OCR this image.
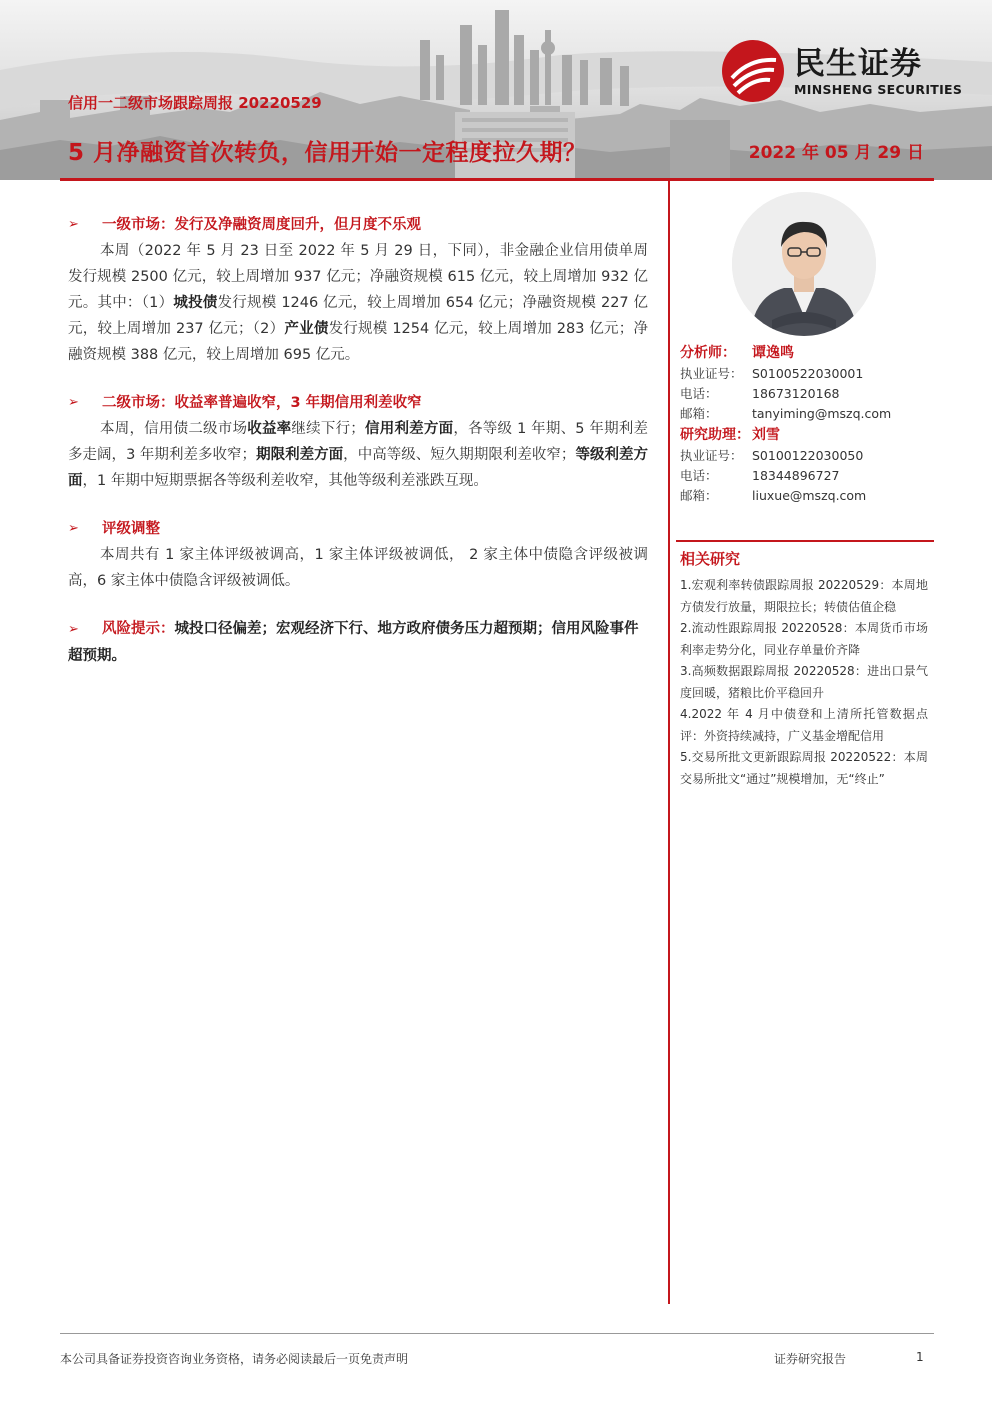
信用一二级市场跟踪周报 20220529
5 月净融资首次转负，信用开始一定程度拉久期？	2022 年 05 月 29 日
民生证券
MINSHENG SECURITIES
➢ 一级市场：发行及净融资周度回升，但月度不乐观

本周（2022 年 5 月 23 日至 2022 年 5 月 29 日，下同），非金融企业信用债单周发行规模 2500 亿元，较上周增加 937 亿元；净融资规模 615 亿元，较上周增加 932 亿元。其中：（1）城投债发行规模 1246 亿元，较上周增加 654 亿元；净融资规模 227 亿元，较上周增加 237 亿元；（2）产业债发行规模 1254 亿元，较上周增加 283 亿元；净融资规模 388 亿元，较上周增加 695 亿元。

➢ 二级市场：收益率普遍收窄，3 年期信用利差收窄

本周，信用债二级市场收益率继续下行；信用利差方面，各等级 1 年期、5 年期利差多走阔，3 年期利差多收窄；期限利差方面，中高等级、短久期期限利差收窄；等级利差方面，1 年期中短期票据各等级利差收窄，其他等级利差涨跌互现。

➢ 评级调整

本周共有 1 家主体评级被调高，1 家主体评级被调低， 2 家主体中债隐含评级被调高，6 家主体中债隐含评级被调低。

➢ 风险提示：城投口径偏差；宏观经济下行、地方政府债务压力超预期；信用风险事件超预期。
分析师： 谭逸鸣
执业证号： S0100522030001
电话：	18673120168
邮箱：	tanyiming@mszq.com
研究助理： 刘雪
执业证号： S0100122030050
电话：	18344896727
邮箱：	liuxue@mszq.com
相关研究
1.宏观利率转债跟踪周报 20220529：本周地方债发行放量，期限拉长；转债估值企稳
2.流动性跟踪周报 20220528：本周货币市场利率走势分化，同业存单量价齐降
3.高频数据跟踪周报 20220528：进出口景气度回暖，猪粮比价平稳回升
4.2022 年 4 月中债登和上清所托管数据点评：外资持续减持，广义基金增配信用
5.交易所批文更新跟踪周报 20220522：本周交易所批文“通过”规模增加，无“终止”
本公司具备证券投资咨询业务资格，请务必阅读最后一页免责声明	证券研究报告	1
